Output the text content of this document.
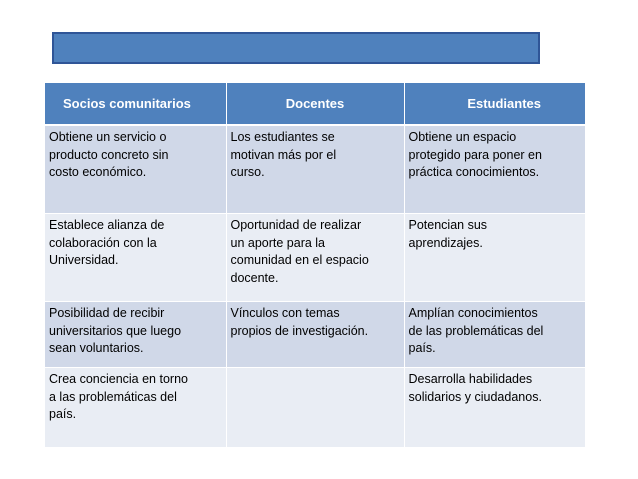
BENEFICIOS de la experiencia de  APRENDIZAJE SERVICIO

Socios comunitarios	Docentes	Estudiantes

Obtiene un servicio o
producto concreto sin
costo económico.	Los estudiantes se
motivan más por el
curso.	Obtiene un espacio
protegido para poner en
práctica conocimientos.

Establece alianza de
colaboración con la
Universidad.	Oportunidad de realizar
un aporte para la
comunidad en el espacio
docente.	Potencian sus
aprendizajes.

Posibilidad de recibir
universitarios que luego
sean voluntarios.	Vínculos con temas
propios de investigación.	Amplían conocimientos
de las problemáticas del
país.

Crea conciencia en torno
a las problemáticas del
país.		Desarrolla habilidades
solidarios y ciudadanos.
